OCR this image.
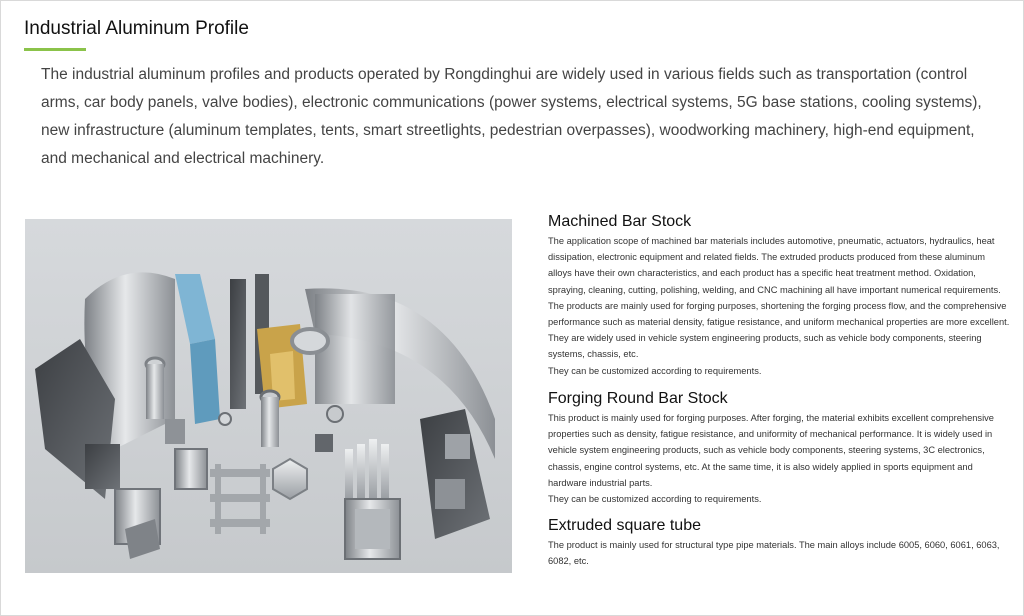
Industrial Aluminum Profile

The industrial aluminum profiles and products operated by Rongdinghui are widely used in various fields such as transportation (control arms, car body panels, valve bodies), electronic communications (power systems, electrical systems, 5G base stations, cooling systems), new infrastructure (aluminum templates, tents, smart streetlights, pedestrian overpasses), woodworking machinery, high-end equipment, and mechanical and electrical machinery.

Machined Bar Stock

The application scope of machined bar materials includes automotive, pneumatic, actuators, hydraulics, heat dissipation, electronic equipment and related fields. The extruded products produced from these aluminum alloys have their own characteristics, and each product has a specific heat treatment method. Oxidation, spraying, cleaning, cutting, polishing, welding, and CNC machining all have important numerical requirements. The products are mainly used for forging purposes, shortening the forging process flow, and the comprehensive performance such as material density, fatigue resistance, and uniform mechanical properties are more excellent. They are widely used in vehicle system engineering products, such as vehicle body components, steering systems, chassis, etc.

They can be customized according to requirements.

Forging Round Bar Stock

This product is mainly used for forging purposes. After forging, the material exhibits excellent comprehensive properties such as density, fatigue resistance, and uniformity of mechanical performance. It is widely used in vehicle system engineering products, such as vehicle body components, steering systems, 3C electronics, chassis, engine control systems, etc. At the same time, it is also widely applied in sports equipment and hardware industrial parts.

They can be customized according to requirements.

Extruded square tube

The product is mainly used for structural type pipe materials. The main alloys include 6005, 6060, 6061, 6063, 6082, etc.
